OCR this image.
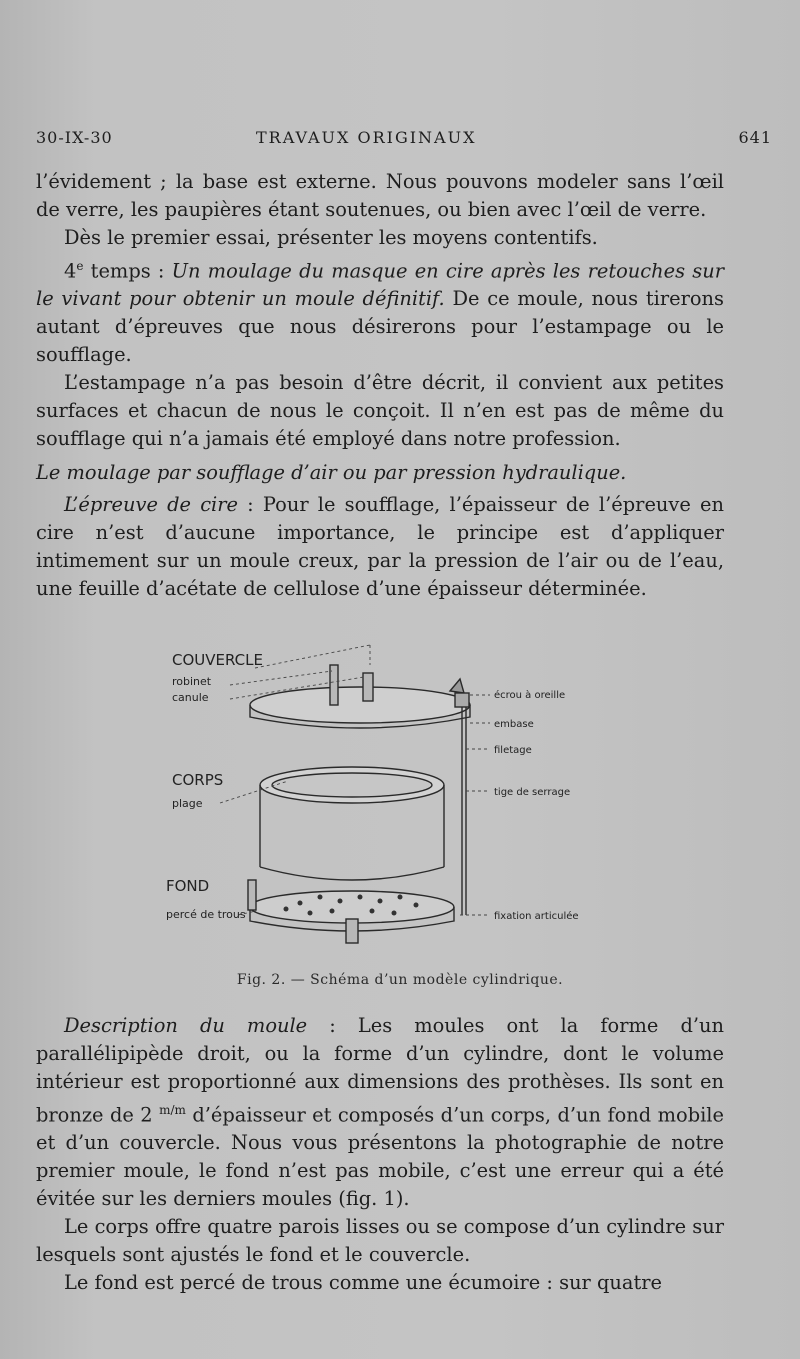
30-IX-30	TRAVAUX ORIGINAUX	641

l’évidement ; la base est externe. Nous pouvons modeler sans l’œil de verre, les paupières étant soutenues, ou bien avec l’œil de verre.

Dès le premier essai, présenter les moyens contentifs.

4e temps : Un moulage du masque en cire après les retouches sur le vivant pour obtenir un moule définitif. De ce moule, nous tirerons autant d’épreuves que nous désirerons pour l’estampage ou le soufflage.

L’estampage n’a pas besoin d’être décrit, il convient aux petites surfaces et chacun de nous le conçoit. Il n’en est pas de même du soufflage qui n’a jamais été employé dans notre profession.

Le moulage par soufflage d’air ou par pression hydraulique.

L’épreuve de cire : Pour le soufflage, l’épaisseur de l’épreuve en cire n’est d’aucune importance, le principe est d’appliquer intimement sur un moule creux, par la pression de l’air ou de l’eau, une feuille d’acétate de cellulose d’une épaisseur déterminée.

COUVERCLE
robinet
canule
CORPS
plage
FOND
percé de trous
écrou à oreille
embase
filetage
tige de serrage
fixation articulée
Fig. 2. — Schéma d’un modèle cylindrique.

Description du moule : Les moules ont la forme d’un parallélipipède droit, ou la forme d’un cylindre, dont le volume intérieur est proportionné aux dimensions des prothèses. Ils sont en bronze de 2 $^{m/m}$ d’épaisseur et composés d’un corps, d’un fond mobile et d’un couvercle. Nous vous présentons la photographie de notre premier moule, le fond n’est pas mobile, c’est une erreur qui a été évitée sur les derniers moules (fig. 1).

Le corps offre quatre parois lisses ou se compose d’un cylindre sur lesquels sont ajustés le fond et le couvercle.

Le fond est percé de trous comme une écumoire : sur quatre
